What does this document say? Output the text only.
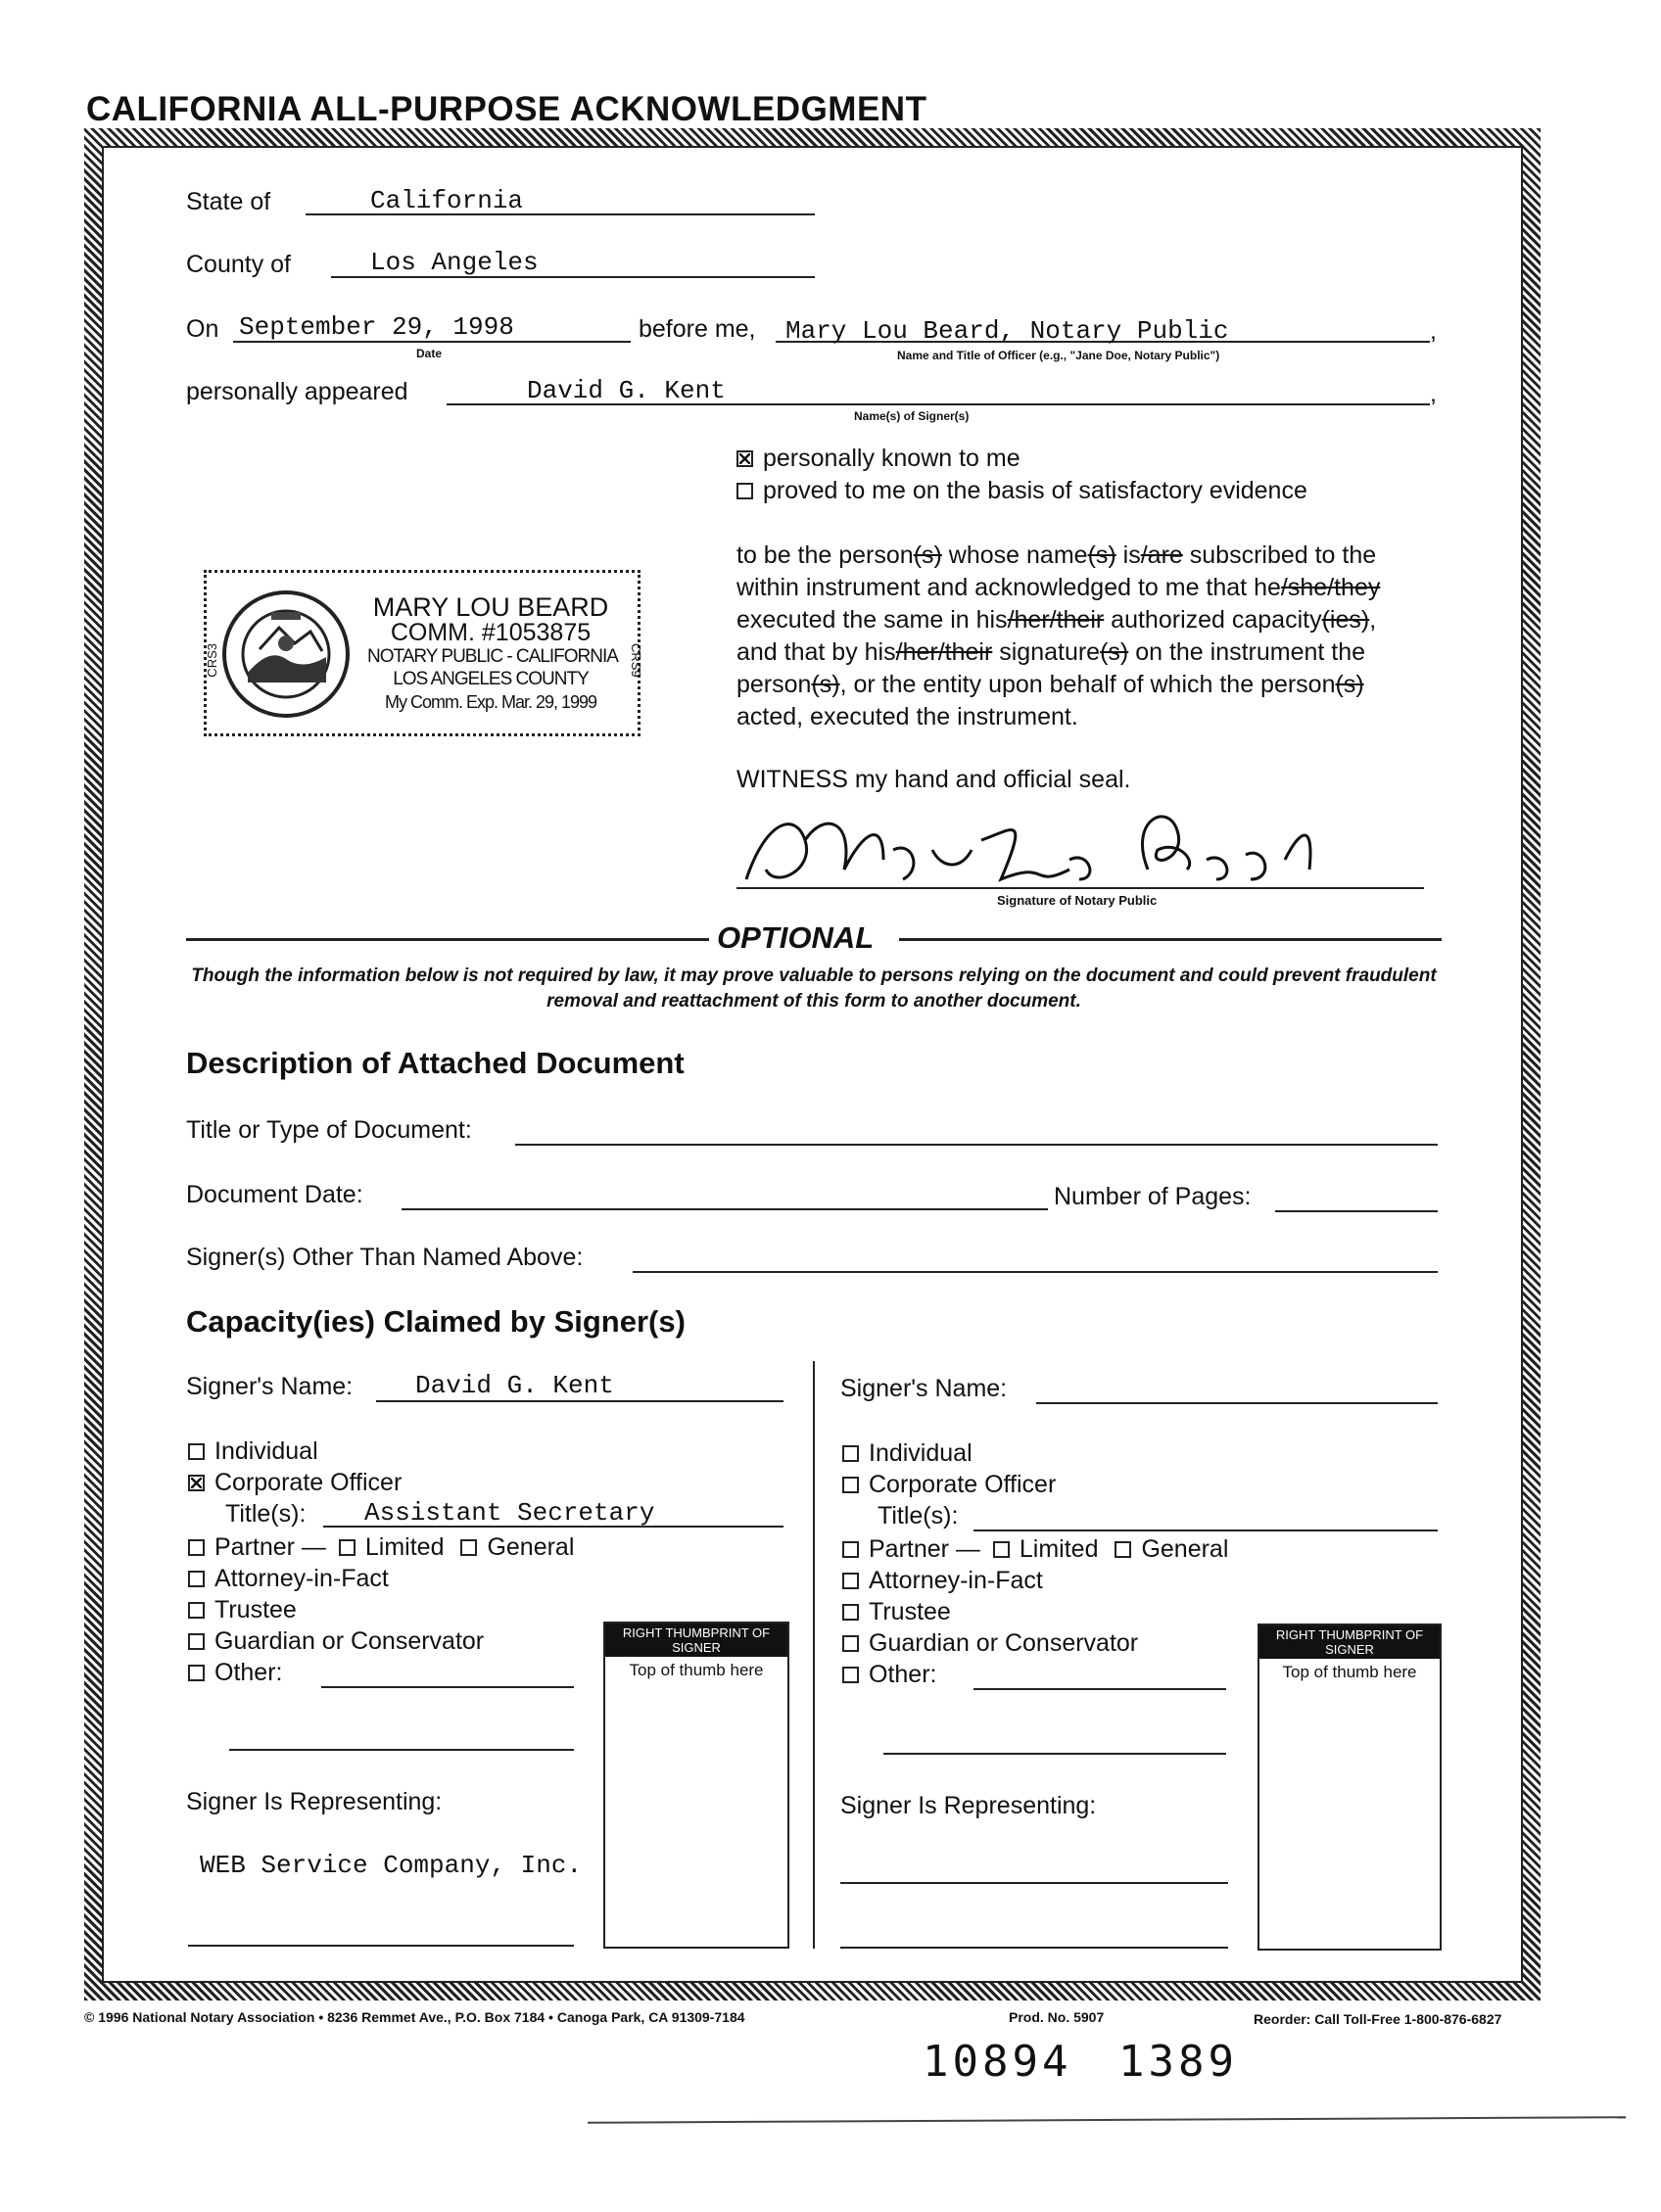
CALIFORNIA ALL-PURPOSE ACKNOWLEDGMENT
State of	California
County of	Los Angeles
On September 29, 1998
Date
before me, Mary Lou Beard, Notary Public	,
Name and Title of Officer (e.g., "Jane Doe, Notary Public")
personally appeared	David G. Kent	,
Name(s) of Signer(s)
personally known to me
proved to me on the basis of satisfactory evidence
to be the person(s) whose name(s) is/are subscribed to the
within instrument and acknowledged to me that he/she/they
executed the same in his/her/their authorized capacity(ies),
and that by his/her/their signature(s) on the instrument the
person(s), or the entity upon behalf of which the person(s)
acted, executed the instrument.
CRS3	CRS9
MARY LOU BEARD
COMM. #1053875
NOTARY PUBLIC - CALIFORNIA
LOS ANGELES COUNTY
My Comm. Exp. Mar. 29, 1999
WITNESS my hand and official seal.
Signature of Notary Public
OPTIONAL
Though the information below is not required by law, it may prove valuable to persons relying on the document and could prevent fraudulent removal and reattachment of this form to another document.
Description of Attached Document
Title or Type of Document:
Document Date:	Number of Pages:
Signer(s) Other Than Named Above:
Capacity(ies) Claimed by Signer(s)
Signer's Name: David G. Kent
Individual
Corporate Officer
Title(s): Assistant Secretary
Partner — Limited General
Attorney-in-Fact
Trustee
Guardian or Conservator
Other:
Signer Is Representing:
WEB Service Company, Inc.
RIGHT THUMBPRINT OF SIGNER
Top of thumb here
Signer's Name:
Individual
Corporate Officer
Title(s):
Partner — Limited General
Attorney-in-Fact
Trustee
Guardian or Conservator
Other:
Signer Is Representing:
RIGHT THUMBPRINT OF SIGNER
Top of thumb here
© 1996 National Notary Association • 8236 Remmet Ave., P.O. Box 7184 • Canoga Park, CA 91309-7184	Prod. No. 5907	Reorder: Call Toll-Free 1-800-876-6827
10894 1389
